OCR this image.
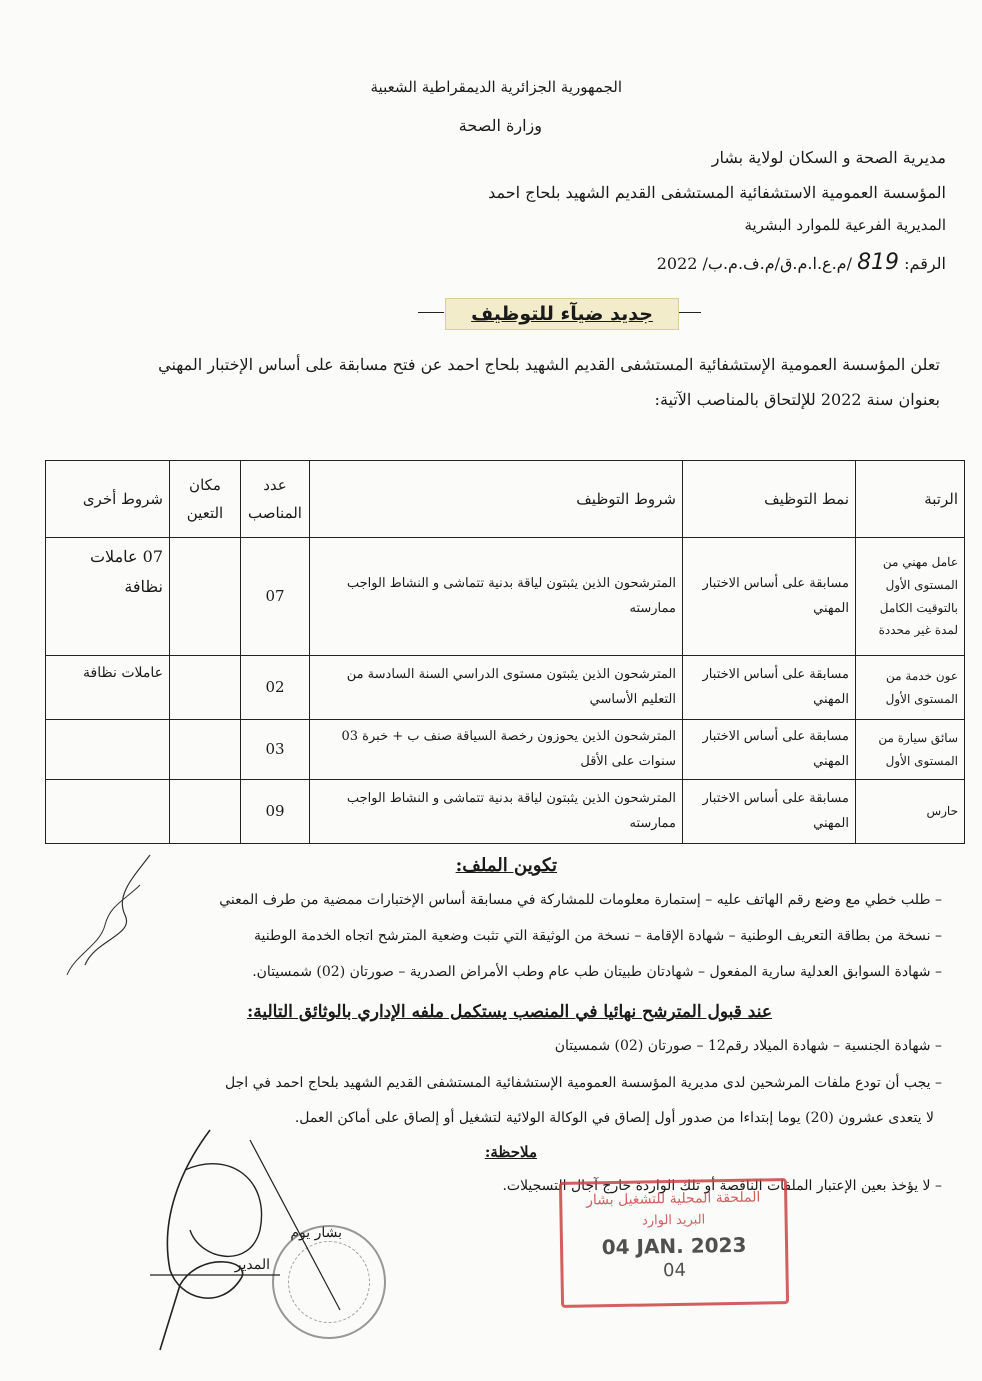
الجمهورية الجزائرية الديمقراطية الشعبية
وزارة الصحة
مديرية الصحة و السكان لولاية بشار
المؤسسة العمومية الاستشفائية المستشفى القديم الشهيد بلحاج احمد
المديرية الفرعية للموارد البشرية
الرقم: 819 /م.ع.ا.م.ق/م.ف.م.ب/ 2022
جديد ضيآء للتوظيف
تعلن المؤسسة العمومية الإستشفائية المستشفى القديم الشهيد بلحاج احمد عن فتح مسابقة على أساس الإختبار المهني
بعنوان سنة 2022 للإلتحاق بالمناصب الآتية:
الرتبة	نمط التوظيف	شروط التوظيف	عدد المناصب	مكان التعين	شروط أخرى
عامل مهني من المستوى الأول بالتوقيت الكامل لمدة غير محددة	مسابقة على أساس الاختبار المهني	المترشحون الذين يثبتون لياقة بدنية تتماشى و النشاط الواجب ممارسته	07		07 عاملات نظافة
عون خدمة من المستوى الأول	مسابقة على أساس الاختبار المهني	المترشحون الذين يثبتون مستوى الدراسي السنة السادسة من التعليم الأساسي	02		عاملات نظافة
سائق سيارة من المستوى الأول	مسابقة على أساس الاختبار المهني	المترشحون الذين يحوزون رخصة السياقة صنف ب + خبرة 03 سنوات على الأقل	03		
حارس	مسابقة على أساس الاختبار المهني	المترشحون الذين يثبتون لياقة بدنية تتماشى و النشاط الواجب ممارسته	09		
تكوين الملف:
– طلب خطي مع وضع رقم الهاتف عليه – إستمارة معلومات للمشاركة في مسابقة أساس الإختبارات ممضية من طرف المعني
– نسخة من بطاقة التعريف الوطنية – شهادة الإقامة – نسخة من الوثيقة التي تثبت وضعية المترشح اتجاه الخدمة الوطنية
– شهادة السوابق العدلية سارية المفعول – شهادتان طبيتان طب عام وطب الأمراض الصدرية – صورتان (02) شمسيتان.
عند قبول المترشح نهائيا في المنصب يستكمل ملفه الإداري بالوثائق التالية:
– شهادة الجنسية – شهادة الميلاد رقم12 – صورتان (02) شمسيتان
– يجب أن تودع ملفات المرشحين لدى مديرية المؤسسة العمومية الإستشفائية المستشفى القديم الشهيد بلحاج احمد في اجل
لا يتعدى عشرون (20) يوما إبتداءا من صدور أول إلصاق في الوكالة الولائية لتشغيل أو إلصاق على أماكن العمل.
ملاحظة:
– لا يؤخذ بعين الإعتبار الملفات الناقصة أو تلك الواردة خارج آجال التسجيلات.
بشار يوم
المدير
الملحقة المحلية للتشغيل بشار
البريد الوارد
04 JAN. 2023
04
